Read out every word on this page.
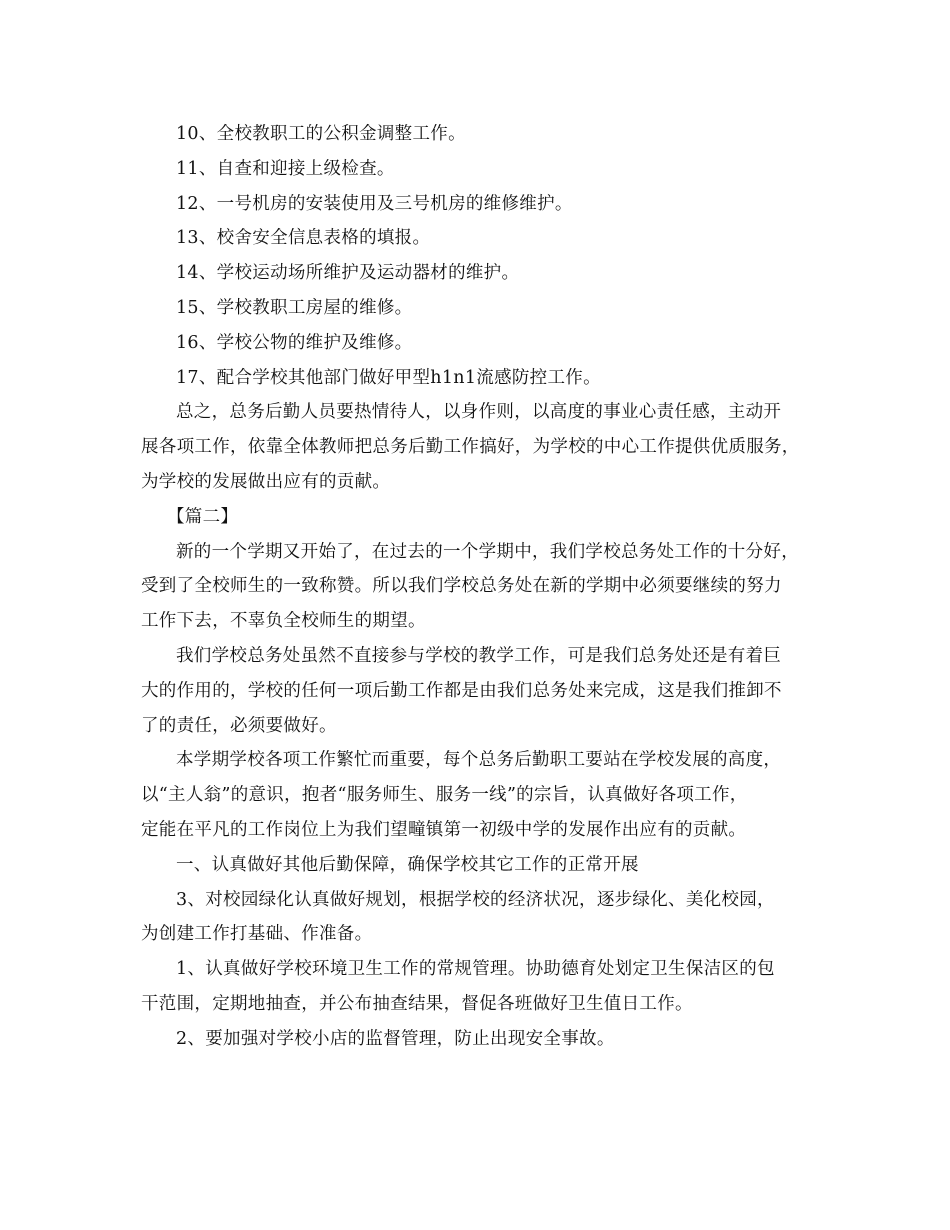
10、全校教职工的公积金调整工作。

11、自查和迎接上级检查。

12、一号机房的安装使用及三号机房的维修维护。

13、校舍安全信息表格的填报。

14、学校运动场所维护及运动器材的维护。

15、学校教职工房屋的维修。

16、学校公物的维护及维修。

17、配合学校其他部门做好甲型h1n1流感防控工作。

总之，总务后勤人员要热情待人，以身作则，以高度的事业心责任感，主动开
展各项工作，依靠全体教师把总务后勤工作搞好，为学校的中心工作提供优质服务，
为学校的发展做出应有的贡献。

【篇二】

新的一个学期又开始了，在过去的一个学期中，我们学校总务处工作的十分好，
受到了全校师生的一致称赞。所以我们学校总务处在新的学期中必须要继续的努力
工作下去，不辜负全校师生的期望。

我们学校总务处虽然不直接参与学校的教学工作，可是我们总务处还是有着巨
大的作用的，学校的任何一项后勤工作都是由我们总务处来完成，这是我们推卸不
了的责任，必须要做好。

本学期学校各项工作繁忙而重要，每个总务后勤职工要站在学校发展的高度，
以“主人翁”的意识，抱者“服务师生、服务一线”的宗旨，认真做好各项工作，
定能在平凡的工作岗位上为我们望疃镇第一初级中学的发展作出应有的贡献。

一、认真做好其他后勤保障，确保学校其它工作的正常开展

3、对校园绿化认真做好规划，根据学校的经济状况，逐步绿化、美化校园，
为创建工作打基础、作准备。

1、认真做好学校环境卫生工作的常规管理。协助德育处划定卫生保洁区的包
干范围，定期地抽查，并公布抽查结果，督促各班做好卫生值日工作。

2、要加强对学校小店的监督管理，防止出现安全事故。
